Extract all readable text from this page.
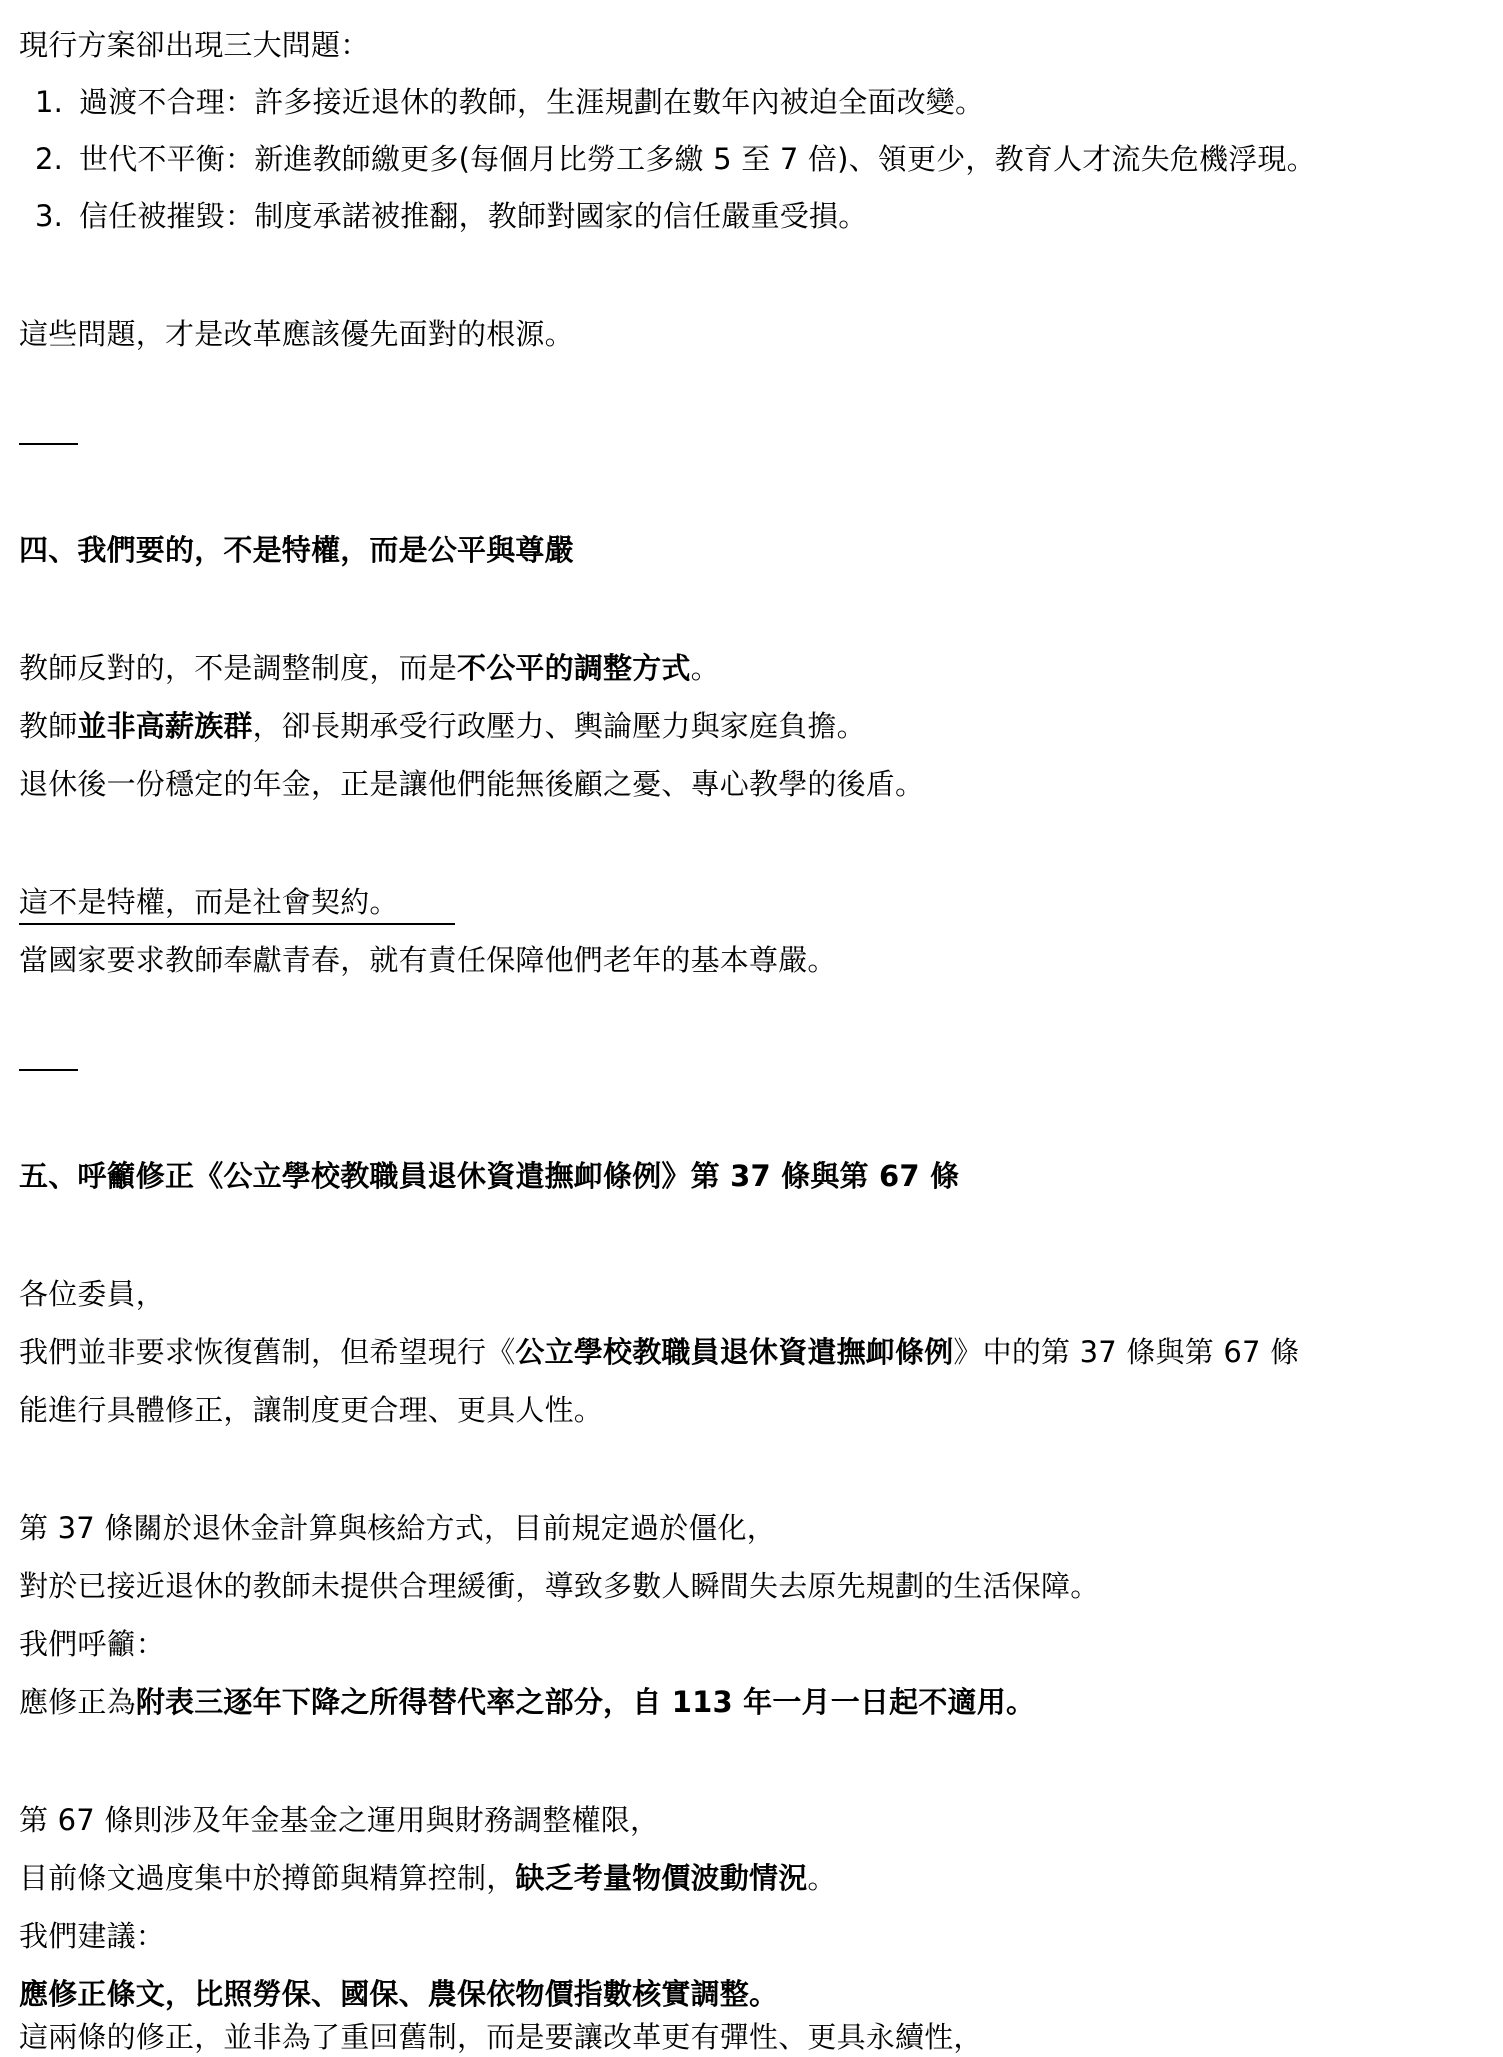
現行方案卻出現三大問題：
1. 過渡不合理：許多接近退休的教師，生涯規劃在數年內被迫全面改變。
2. 世代不平衡：新進教師繳更多(每個月比勞工多繳 5 至 7 倍)、領更少，教育人才流失危機浮現。
3. 信任被摧毀：制度承諾被推翻，教師對國家的信任嚴重受損。
這些問題，才是改革應該優先面對的根源。
四、我們要的，不是特權，而是公平與尊嚴
教師反對的，不是調整制度，而是不公平的調整方式。
教師並非高薪族群，卻長期承受行政壓力、輿論壓力與家庭負擔。
退休後一份穩定的年金，正是讓他們能無後顧之憂、專心教學的後盾。
這不是特權，而是社會契約。
當國家要求教師奉獻青春，就有責任保障他們老年的基本尊嚴。
五、呼籲修正《公立學校教職員退休資遣撫卹條例》第 37 條與第 67 條
各位委員，
我們並非要求恢復舊制，但希望現行《公立學校教職員退休資遣撫卹條例》中的第 37 條與第 67 條
能進行具體修正，讓制度更合理、更具人性。
第 37 條關於退休金計算與核給方式，目前規定過於僵化，
對於已接近退休的教師未提供合理緩衝，導致多數人瞬間失去原先規劃的生活保障。
我們呼籲：
應修正為附表三逐年下降之所得替代率之部分，自 113 年一月一日起不適用。
第 67 條則涉及年金基金之運用與財務調整權限，
目前條文過度集中於撙節與精算控制，缺乏考量物價波動情況。
我們建議：
應修正條文，比照勞保、國保、農保依物價指數核實調整。
這兩條的修正，並非為了重回舊制，而是要讓改革更有彈性、更具永續性，
